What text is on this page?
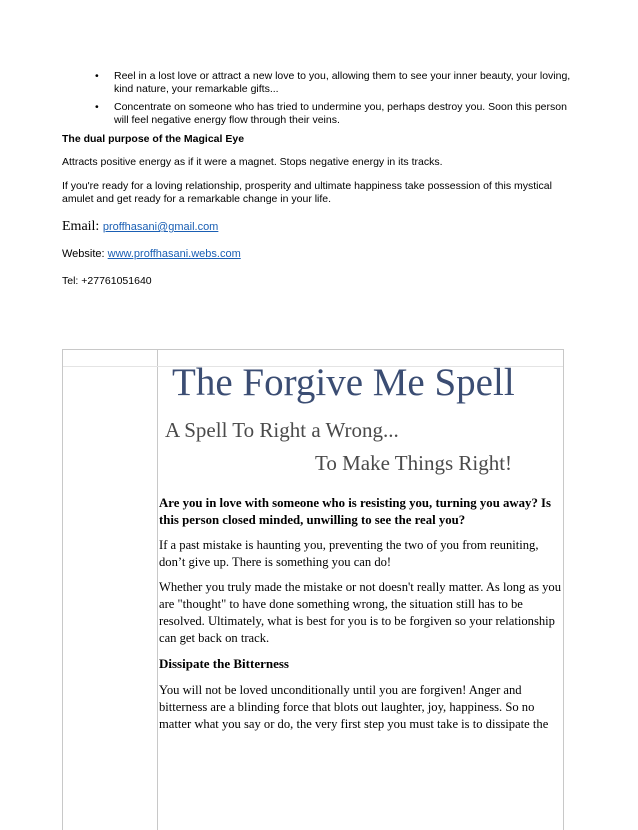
• Reel in a lost love or attract a new love to you, allowing them to see your inner beauty, your loving, kind nature, your remarkable gifts...
• Concentrate on someone who has tried to undermine you, perhaps destroy you. Soon this person will feel negative energy flow through their veins.
The dual purpose of the Magical Eye
Attracts positive energy as if it were a magnet. Stops negative energy in its tracks.
If you're ready for a loving relationship, prosperity and ultimate happiness take possession of this mystical amulet and get ready for a remarkable change in your life.
Email: proffhasani@gmail.com
Website: www.proffhasani.webs.com
Tel: +27761051640
The Forgive Me Spell
A Spell To Right a Wrong...
To Make Things Right!

Are you in love with someone who is resisting you, turning you away? Is this person closed minded, unwilling to see the real you?

If a past mistake is haunting you, preventing the two of you from reuniting, don’t give up. There is something you can do!

Whether you truly made the mistake or not doesn't really matter. As long as you are "thought" to have done something wrong, the situation still has to be resolved. Ultimately, what is best for you is to be forgiven so your relationship can get back on track.

Dissipate the Bitterness

You will not be loved unconditionally until you are forgiven! Anger and bitterness are a blinding force that blots out laughter, joy, happiness. So no matter what you say or do, the very first step you must take is to dissipate the
